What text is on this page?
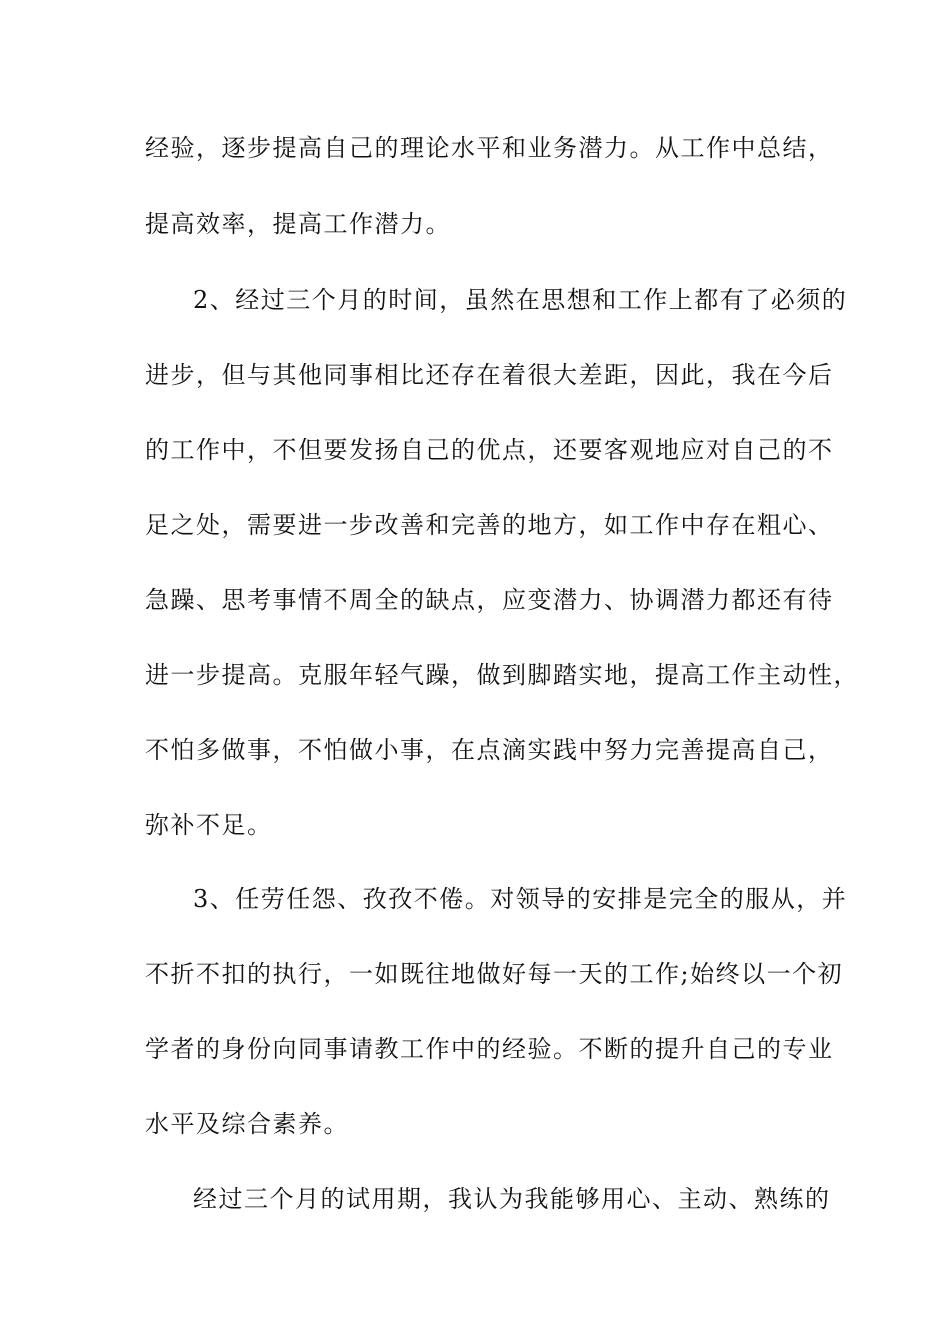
经验，逐步提高自己的理论水平和业务潜力。从工作中总结，

提高效率，提高工作潜力。

2、经过三个月的时间，虽然在思想和工作上都有了必须的

进步，但与其他同事相比还存在着很大差距，因此，我在今后

的工作中，不但要发扬自己的优点，还要客观地应对自己的不

足之处，需要进一步改善和完善的地方，如工作中存在粗心、

急躁、思考事情不周全的缺点，应变潜力、协调潜力都还有待

进一步提高。克服年轻气躁，做到脚踏实地，提高工作主动性，

不怕多做事，不怕做小事，在点滴实践中努力完善提高自己，

弥补不足。

3、任劳任怨、孜孜不倦。对领导的安排是完全的服从，并

不折不扣的执行，一如既往地做好每一天的工作;始终以一个初

学者的身份向同事请教工作中的经验。不断的提升自己的专业

水平及综合素养。

经过三个月的试用期，我认为我能够用心、主动、熟练的
